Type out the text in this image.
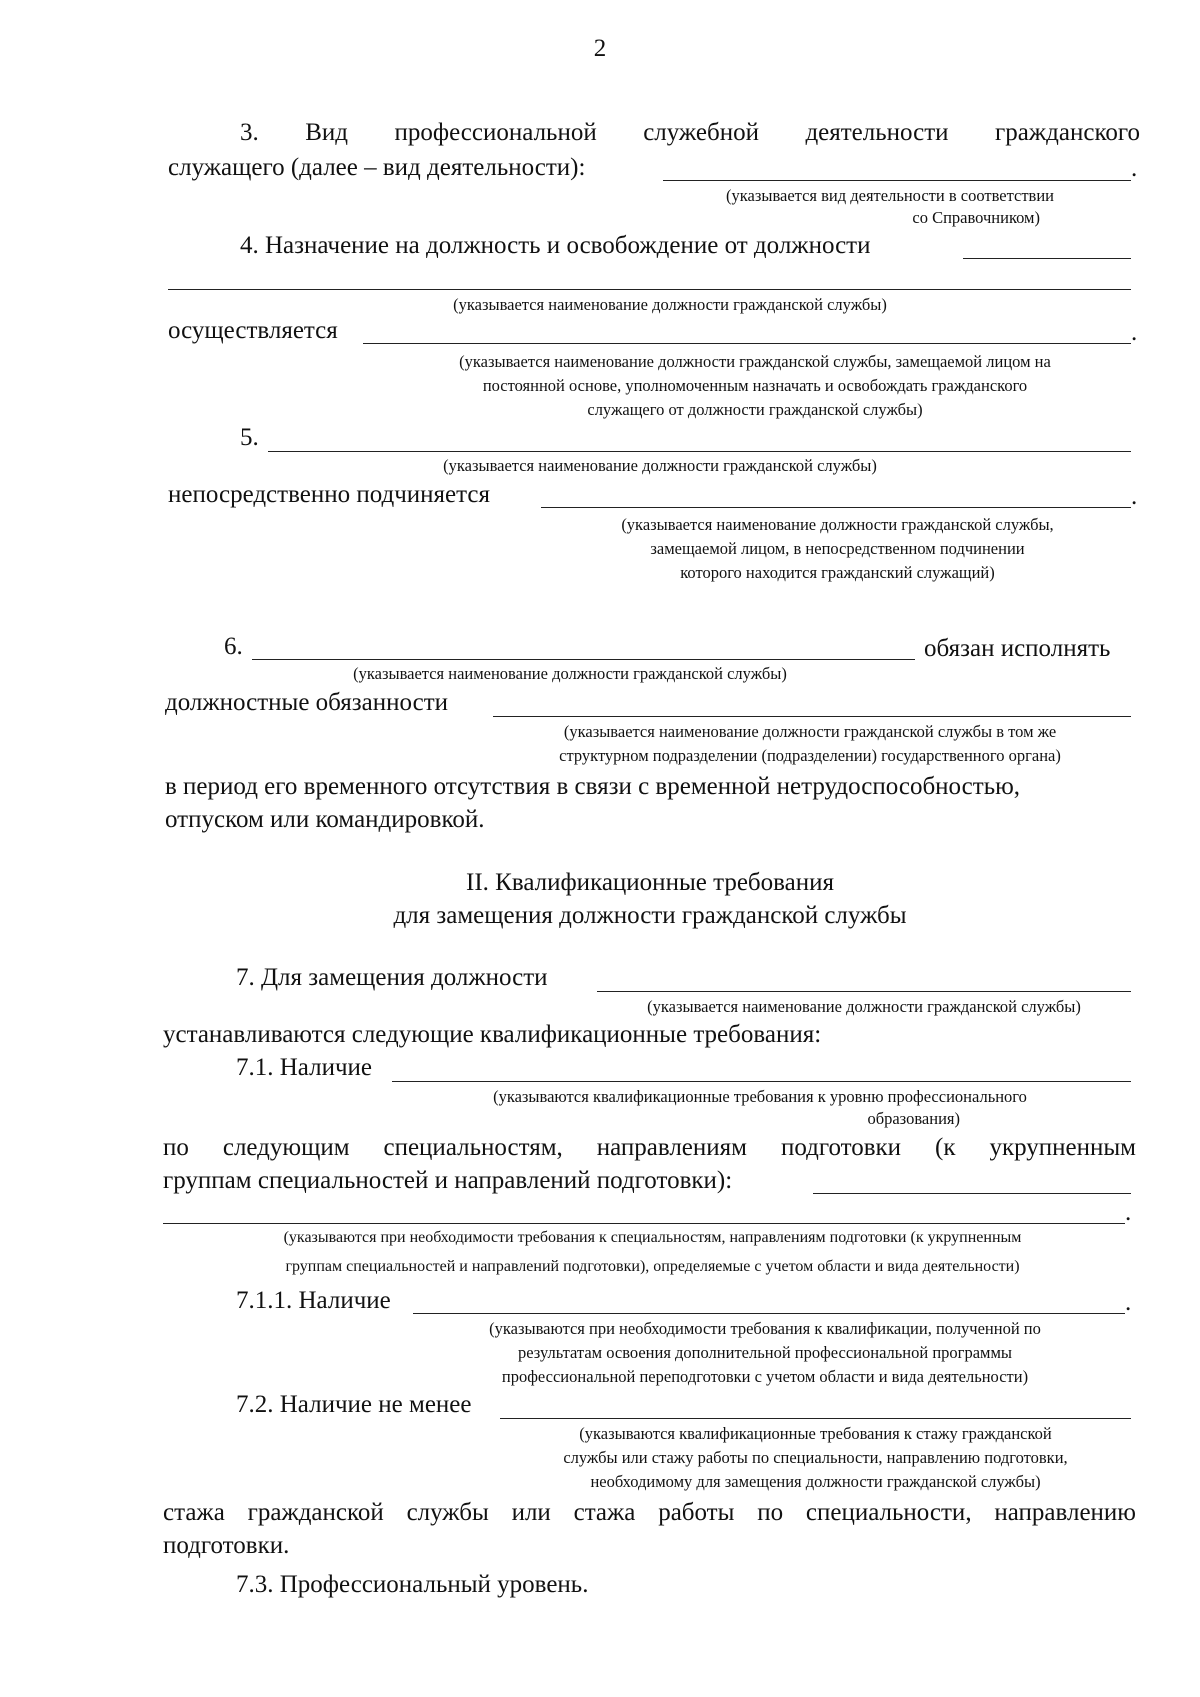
2
3. Вид профессиональной служебной деятельности гражданского
служащего (далее – вид деятельности):	.
(указывается вид деятельности в соответствии
со Справочником)
4. Назначение на должность и освобождение от должности
(указывается наименование должности гражданской службы)
осуществляется	.
(указывается наименование должности гражданской службы, замещаемой лицом на
постоянной основе, уполномоченным назначать и освобождать гражданского
служащего от должности гражданской службы)
5.
(указывается наименование должности гражданской службы)
непосредственно подчиняется	.
(указывается наименование должности гражданской службы,
замещаемой лицом, в непосредственном подчинении
которого находится гражданский служащий)
6.	обязан исполнять
(указывается наименование должности гражданской службы)
должностные обязанности
(указывается наименование должности гражданской службы в том же
структурном подразделении (подразделении) государственного органа)
в период его временного отсутствия в связи с временной нетрудоспособностью,
отпуском или командировкой.
II. Квалификационные требования
для замещения должности гражданской службы
7. Для замещения должности
(указывается наименование должности гражданской службы)
устанавливаются следующие квалификационные требования:
7.1. Наличие
(указываются квалификационные требования к уровню профессионального
образования)
по следующим специальностям, направлениям подготовки (к укрупненным
группам специальностей и направлений подготовки):
.
(указываются при необходимости требования к специальностям, направлениям подготовки (к укрупненным
группам специальностей и направлений подготовки), определяемые с учетом области и вида деятельности)
7.1.1. Наличие	.
(указываются при необходимости требования к квалификации, полученной по
результатам освоения дополнительной профессиональной программы
профессиональной переподготовки с учетом области и вида деятельности)
7.2. Наличие не менее
(указываются квалификационные требования к стажу гражданской
службы или стажу работы по специальности, направлению подготовки,
необходимому для замещения должности гражданской службы)
стажа гражданской службы или стажа работы по специальности, направлению
подготовки.
7.3. Профессиональный уровень.
